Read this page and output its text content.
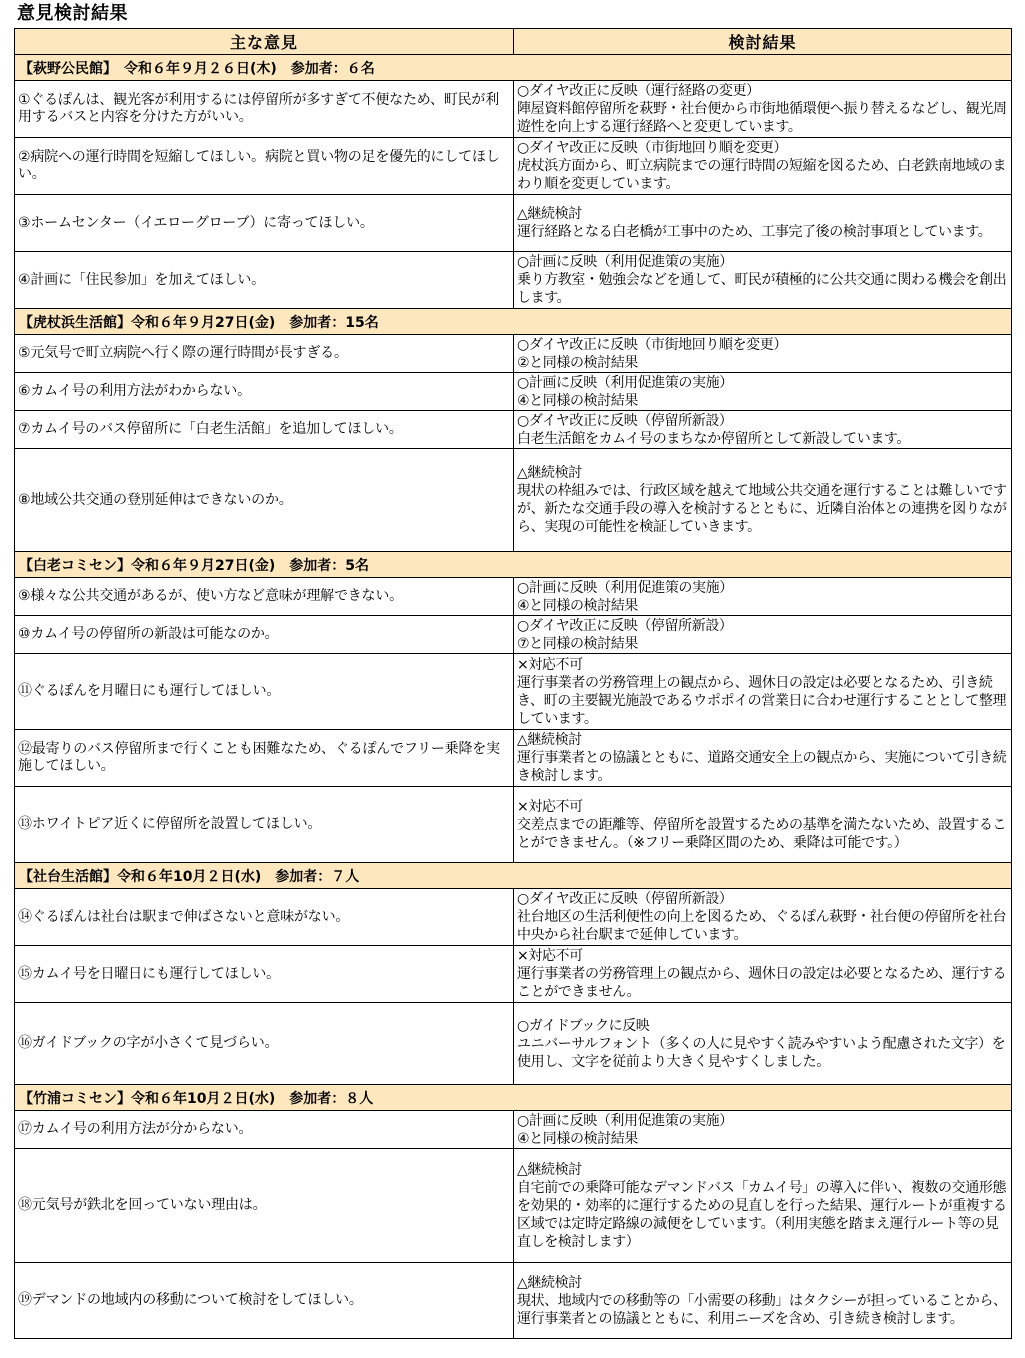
意見検討結果
主な意見	検討結果
【萩野公民館】　令和６年９月２６日(木)　参加者：６名	
①ぐるぽんは、観光客が利用するには停留所が多すぎて不便なため、町民が利用するバスと内容を分けた方がいい。	○ダイヤ改正に反映（運行経路の変更）
陣屋資料館停留所を萩野・社台便から市街地循環便へ振り替えるなどし、観光周遊性を向上する運行経路へと変更しています。

②病院への運行時間を短縮してほしい。病院と買い物の足を優先的にしてほしい。	○ダイヤ改正に反映（市街地回り順を変更）
虎杖浜方面から、町立病院までの運行時間の短縮を図るため、白老鉄南地域のまわり順を変更しています。

③ホームセンター（イエローグローブ）に寄ってほしい。	△継続検討
運行経路となる白老橋が工事中のため、工事完了後の検討事項としています。

④計画に「住民参加」を加えてほしい。	○計画に反映（利用促進策の実施）
乗り方教室・勉強会などを通して、町民が積極的に公共交通に関わる機会を創出します。

【虎杖浜生活館】令和６年９月27日(金)　参加者：15名	
⑤元気号で町立病院へ行く際の運行時間が長すぎる。	○ダイヤ改正に反映（市街地回り順を変更）
②と同様の検討結果

⑥カムイ号の利用方法がわからない。	○計画に反映（利用促進策の実施）
④と同様の検討結果

⑦カムイ号のバス停留所に「白老生活館」を追加してほしい。	○ダイヤ改正に反映（停留所新設）
白老生活館をカムイ号のまちなか停留所として新設しています。

⑧地域公共交通の登別延伸はできないのか。	△継続検討
現状の枠組みでは、行政区域を越えて地域公共交通を運行することは難しいですが、新たな交通手段の導入を検討するとともに、近隣自治体との連携を図りながら、実現の可能性を検証していきます。

【白老コミセン】令和６年９月27日(金)　参加者：5名	
⑨様々な公共交通があるが、使い方など意味が理解できない。	○計画に反映（利用促進策の実施）
④と同様の検討結果

⑩カムイ号の停留所の新設は可能なのか。	○ダイヤ改正に反映（停留所新設）
⑦と同様の検討結果

⑪ぐるぽんを月曜日にも運行してほしい。	×対応不可
運行事業者の労務管理上の観点から、週休日の設定は必要となるため、引き続き、町の主要観光施設であるウポポイの営業日に合わせ運行することとして整理しています。

⑫最寄りのバス停留所まで行くことも困難なため、ぐるぽんでフリー乗降を実施してほしい。	△継続検討
運行事業者との協議とともに、道路交通安全上の観点から、実施について引き続き検討します。

⑬ホワイトピア近くに停留所を設置してほしい。	×対応不可
交差点までの距離等、停留所を設置するための基準を満たないため、設置することができません。（※フリー乗降区間のため、乗降は可能です。）

【社台生活館】令和６年10月２日(水)　参加者：７人	
⑭ぐるぽんは社台は駅まで伸ばさないと意味がない。	○ダイヤ改正に反映（停留所新設）
社台地区の生活利便性の向上を図るため、ぐるぽん萩野・社台便の停留所を社台中央から社台駅まで延伸しています。

⑮カムイ号を日曜日にも運行してほしい。	×対応不可
運行事業者の労務管理上の観点から、週休日の設定は必要となるため、運行することができません。

⑯ガイドブックの字が小さくて見づらい。	○ガイドブックに反映
ユニバーサルフォント（多くの人に見やすく読みやすいよう配慮された文字）を使用し、文字を従前より大きく見やすくしました。

【竹浦コミセン】令和６年10月２日(水)　参加者：８人	
⑰カムイ号の利用方法が分からない。	○計画に反映（利用促進策の実施）
④と同様の検討結果

⑱元気号が鉄北を回っていない理由は。	△継続検討
自宅前での乗降可能なデマンドバス「カムイ号」の導入に伴い、複数の交通形態を効果的・効率的に運行するための見直しを行った結果、運行ルートが重複する区域では定時定路線の減便をしています。（利用実態を踏まえ運行ルート等の見直しを検討します）

⑲デマンドの地域内の移動について検討をしてほしい。	△継続検討
現状、地域内での移動等の「小需要の移動」はタクシーが担っていることから、運行事業者との協議とともに、利用ニーズを含め、引き続き検討します。
